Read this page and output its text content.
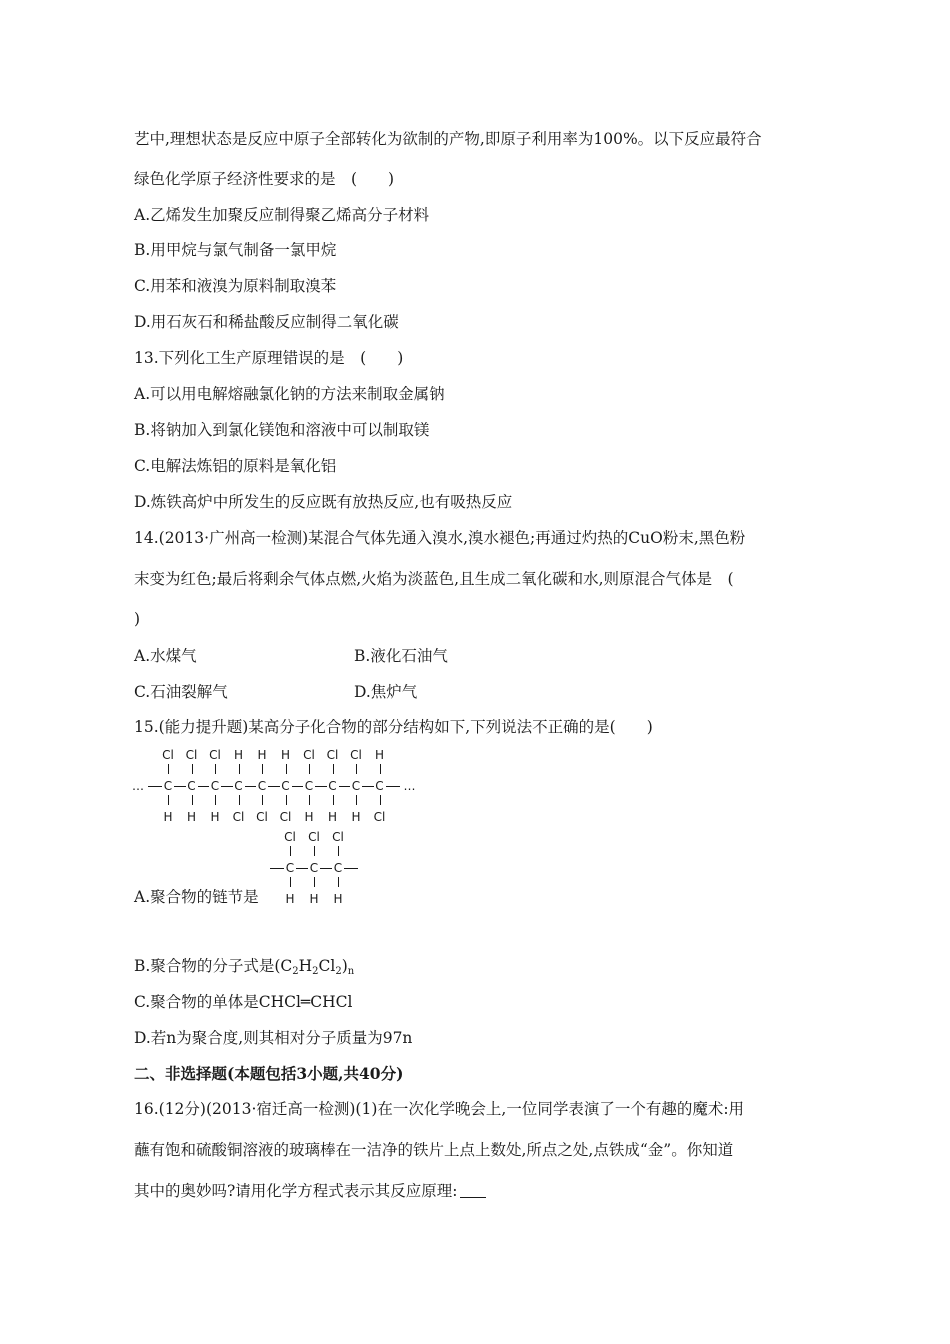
艺中,理想状态是反应中原子全部转化为欲制的产物,即原子利用率为100%。以下反应最符合
绿色化学原子经济性要求的是　(　　)
A.乙烯发生加聚反应制得聚乙烯高分子材料
B.用甲烷与氯气制备一氯甲烷
C.用苯和液溴为原料制取溴苯
D.用石灰石和稀盐酸反应制得二氧化碳
13.下列化工生产原理错误的是　(　　)
A.可以用电解熔融氯化钠的方法来制取金属钠
B.将钠加入到氯化镁饱和溶液中可以制取镁
C.电解法炼铝的原料是氧化铝
D.炼铁高炉中所发生的反应既有放热反应,也有吸热反应
14.(2013·广州高一检测)某混合气体先通入溴水,溴水褪色;再通过灼热的CuO粉末,黑色粉
末变为红色;最后将剩余气体点燃,火焰为淡蓝色,且生成二氧化碳和水,则原混合气体是　(
)
A.水煤气	B.液化石油气
C.石油裂解气	D.焦炉气
15.(能力提升题)某高分子化合物的部分结构如下,下列说法不正确的是(　　)
Cl
C
H
Cl
C
H
Cl
C
H
H
C
Cl
H
C
Cl
H
C
Cl
Cl
C
H
Cl
C
H
Cl
C
H
H
C
Cl
…	…
Cl
C
H
Cl
C
H
Cl
C
H
A.聚合物的链节是
B.聚合物的分子式是$(C_2H_2Cl_2)_n$
C.聚合物的单体是CHCl═CHCl
D.若n为聚合度,则其相对分子质量为97n
二、非选择题(本题包括3小题,共40分)
16.(12分)(2013·宿迁高一检测)(1)在一次化学晚会上,一位同学表演了一个有趣的魔术:用
蘸有饱和硫酸铜溶液的玻璃棒在一洁净的铁片上点上数处,所点之处,点铁成“金”。你知道
其中的奥妙吗?请用化学方程式表示其反应原理:
